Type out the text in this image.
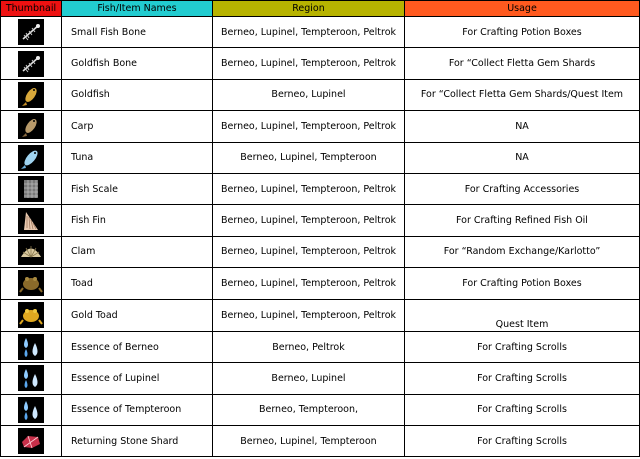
Thumbnail	Fish/Item Names	Region	Usage

	Small Fish Bone	Berneo, Lupinel, Tempteroon, Peltrok	For Crafting Potion Boxes

	Goldfish Bone	Berneo, Lupinel, Tempteroon, Peltrok	For “Collect Fletta Gem Shards

	Goldfish	Berneo, Lupinel	For “Collect Fletta Gem Shards/Quest Item

	Carp	Berneo, Lupinel, Tempteroon, Peltrok	NA

	Tuna	Berneo, Lupinel, Tempteroon	NA

	Fish Scale	Berneo, Lupinel, Tempteroon, Peltrok	For Crafting Accessories

	Fish Fin	Berneo, Lupinel, Tempteroon, Peltrok	For Crafting Refined Fish Oil

	Clam	Berneo, Lupinel, Tempteroon, Peltrok	For “Random Exchange/Karlotto”

	Toad	Berneo, Lupinel, Tempteroon, Peltrok	For Crafting Potion Boxes

	Gold Toad	Berneo, Lupinel, Tempteroon, Peltrok	Quest Item

	Essence of Berneo	Berneo, Peltrok	For Crafting Scrolls

	Essence of Lupinel	Berneo, Lupinel	For Crafting Scrolls

	Essence of Tempteroon	Berneo, Tempteroon,	For Crafting Scrolls

	Returning Stone Shard	Berneo, Lupinel, Tempteroon	For Crafting Scrolls
